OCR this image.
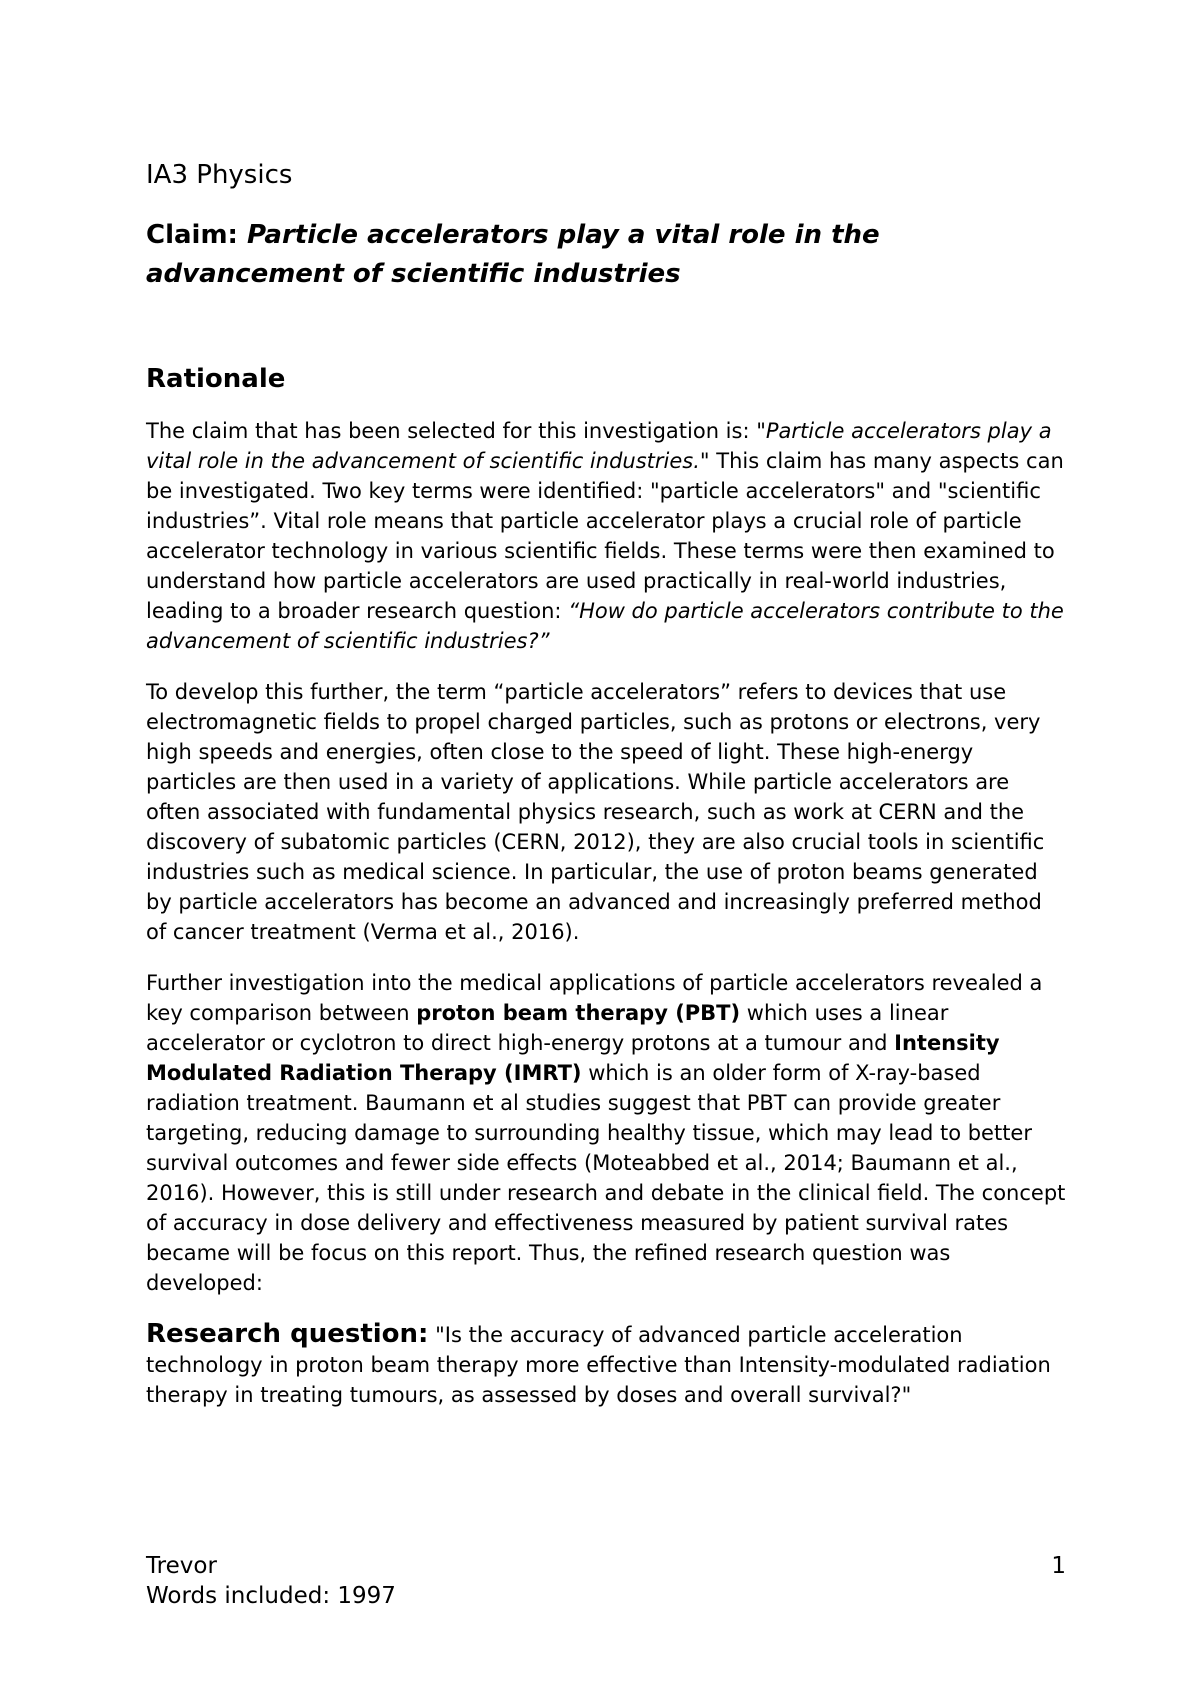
IA3 Physics
Claim: Particle accelerators play a vital role in the advancement of scientific industries
Rationale

The claim that has been selected for this investigation is: "Particle accelerators play a vital role in the advancement of scientific industries." This claim has many aspects can be investigated. Two key terms were identified: "particle accelerators" and "scientific industries”. Vital role means that particle accelerator plays a crucial role of particle accelerator technology in various scientific fields. These terms were then examined to understand how particle accelerators are used practically in real-world industries, leading to a broader research question: “How do particle accelerators contribute to the advancement of scientific industries?”

To develop this further, the term “particle accelerators” refers to devices that use electromagnetic fields to propel charged particles, such as protons or electrons, very high speeds and energies, often close to the speed of light. These high-energy particles are then used in a variety of applications. While particle accelerators are often associated with fundamental physics research, such as work at CERN and the discovery of subatomic particles (CERN, 2012), they are also crucial tools in scientific industries such as medical science. In particular, the use of proton beams generated by particle accelerators has become an advanced and increasingly preferred method of cancer treatment (Verma et al., 2016).

Further investigation into the medical applications of particle accelerators revealed a key comparison between proton beam therapy (PBT) which uses a linear accelerator or cyclotron to direct high-energy protons at a tumour and Intensity Modulated Radiation Therapy (IMRT) which is an older form of X-ray-based radiation treatment. Baumann et al studies suggest that PBT can provide greater targeting, reducing damage to surrounding healthy tissue, which may lead to better survival outcomes and fewer side effects (Moteabbed et al., 2014; Baumann et al., 2016). However, this is still under research and debate in the clinical field. The concept of accuracy in dose delivery and effectiveness measured by patient survival rates became will be focus on this report. Thus, the refined research question was developed:

Research question: "Is the accuracy of advanced particle acceleration technology in proton beam therapy more effective than Intensity-modulated radiation therapy in treating tumours, as assessed by doses and overall survival?"

Trevor
Words included: 1997
1
